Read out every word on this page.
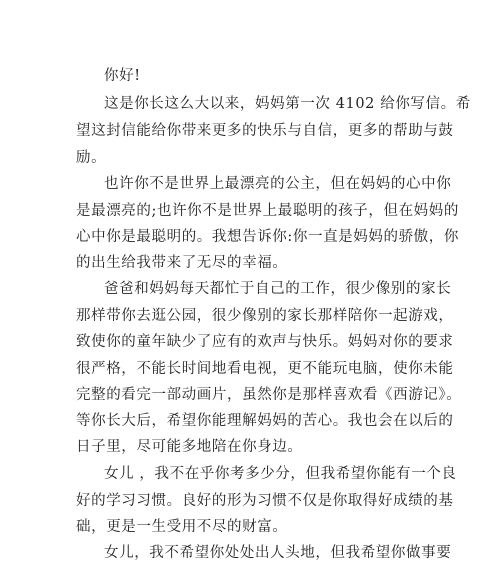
你好!
这是你长这么大以来，妈妈第一次 4102 给你写信。希
望这封信能给你带来更多的快乐与自信，更多的帮助与鼓
励。
也许你不是世界上最漂亮的公主，但在妈妈的心中你
是最漂亮的;也许你不是世界上最聪明的孩子，但在妈妈的
心中你是最聪明的。我想告诉你:你一直是妈妈的骄傲，你
的出生给我带来了无尽的幸福。
爸爸和妈妈每天都忙于自己的工作，很少像别的家长
那样带你去逛公园，很少像别的家长那样陪你一起游戏，
致使你的童年缺少了应有的欢声与快乐。妈妈对你的要求
很严格，不能长时间地看电视，更不能玩电脑，使你未能
完整的看完一部动画片，虽然你是那样喜欢看《西游记》。
等你长大后，希望你能理解妈妈的苦心。我也会在以后的
日子里，尽可能多地陪在你身边。
女儿 ，我不在乎你考多少分，但我希望你能有一个良
好的学习习惯。良好的形为习惯不仅是你取得好成绩的基
础，更是一生受用不尽的财富。
女儿，我不希望你处处出人头地，但我希望你做事要
